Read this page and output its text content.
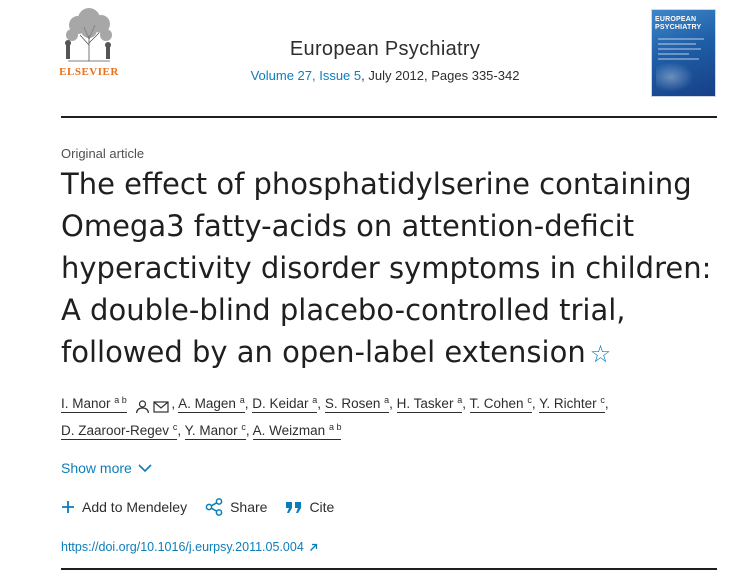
ELSEVIER
European Psychiatry
Volume 27, Issue 5, July 2012, Pages 335-342
EUROPEAN
PSYCHIATRY
Original article
The effect of phosphatidylserine containing Omega3 fatty-acids on attention-deficit hyperactivity disorder symptoms in children: A double-blind placebo-controlled trial, followed by an open-label extension ☆
I. Manor $^{a b}$	, A. Magen $^a$, D. Keidar $^a$, S. Rosen $^a$, H. Tasker $^a$, T. Cohen $^c$, Y. Richter $^c$,
D. Zaaroor-Regev $^c$, Y. Manor $^c$, A. Weizman $^{a b}$
Show more
Add to Mendeley	Share	Cite
https://doi.org/10.1016/j.eurpsy.2011.05.004
